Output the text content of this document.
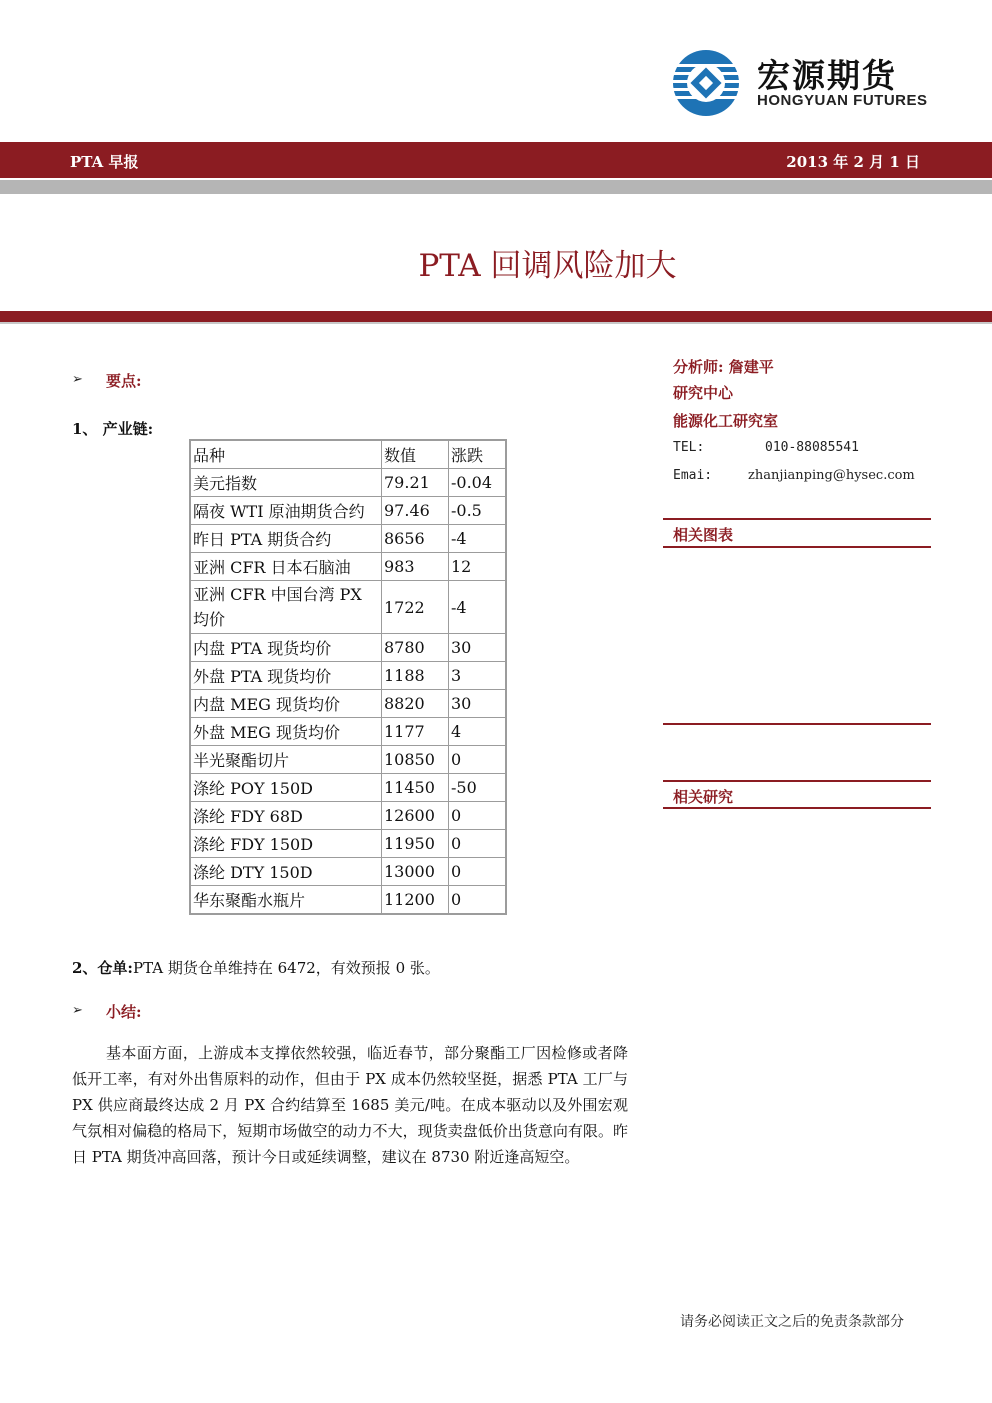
宏源期货
HONGYUAN FUTURES
PTA 早报	2013 年 2 月 1 日
PTA 回调风险加大
➢ 要点:
1、 产业链:
品种	数值	涨跌
美元指数	79.21	-0.04
隔夜 WTI 原油期货合约	97.46	-0.5
昨日 PTA 期货合约	8656	-4
亚洲 CFR 日本石脑油	983	12
亚洲 CFR 中国台湾 PX 均价	1722	-4
内盘 PTA 现货均价	8780	30
外盘 PTA 现货均价	1188	3
内盘 MEG 现货均价	8820	30
外盘 MEG 现货均价	1177	4
半光聚酯切片	10850	0
涤纶 POY 150D	11450	-50
涤纶 FDY 68D	12600	0
涤纶 FDY 150D	11950	0
涤纶 DTY 150D	13000	0
华东聚酯水瓶片	11200	0
2、仓单:PTA 期货仓单维持在 6472，有效预报 0 张。
➢ 小结:
基本面方面，上游成本支撑依然较强，临近春节，部分聚酯工厂因检修或者降低开工率，有对外出售原料的动作，但由于 PX 成本仍然较坚挺，据悉 PTA 工厂与 PX 供应商最终达成 2 月 PX 合约结算至 1685 美元/吨。在成本驱动以及外围宏观气氛相对偏稳的格局下，短期市场做空的动力不大，现货卖盘低价出货意向有限。昨日 PTA 期货冲高回落，预计今日或延续调整，建议在 8730 附近逢高短空。
分析师: 詹建平
研究中心
能源化工研究室
TEL:	010-88085541
Emai:	zhanjianping@hysec.com
相关图表
相关研究
请务必阅读正文之后的免责条款部分
